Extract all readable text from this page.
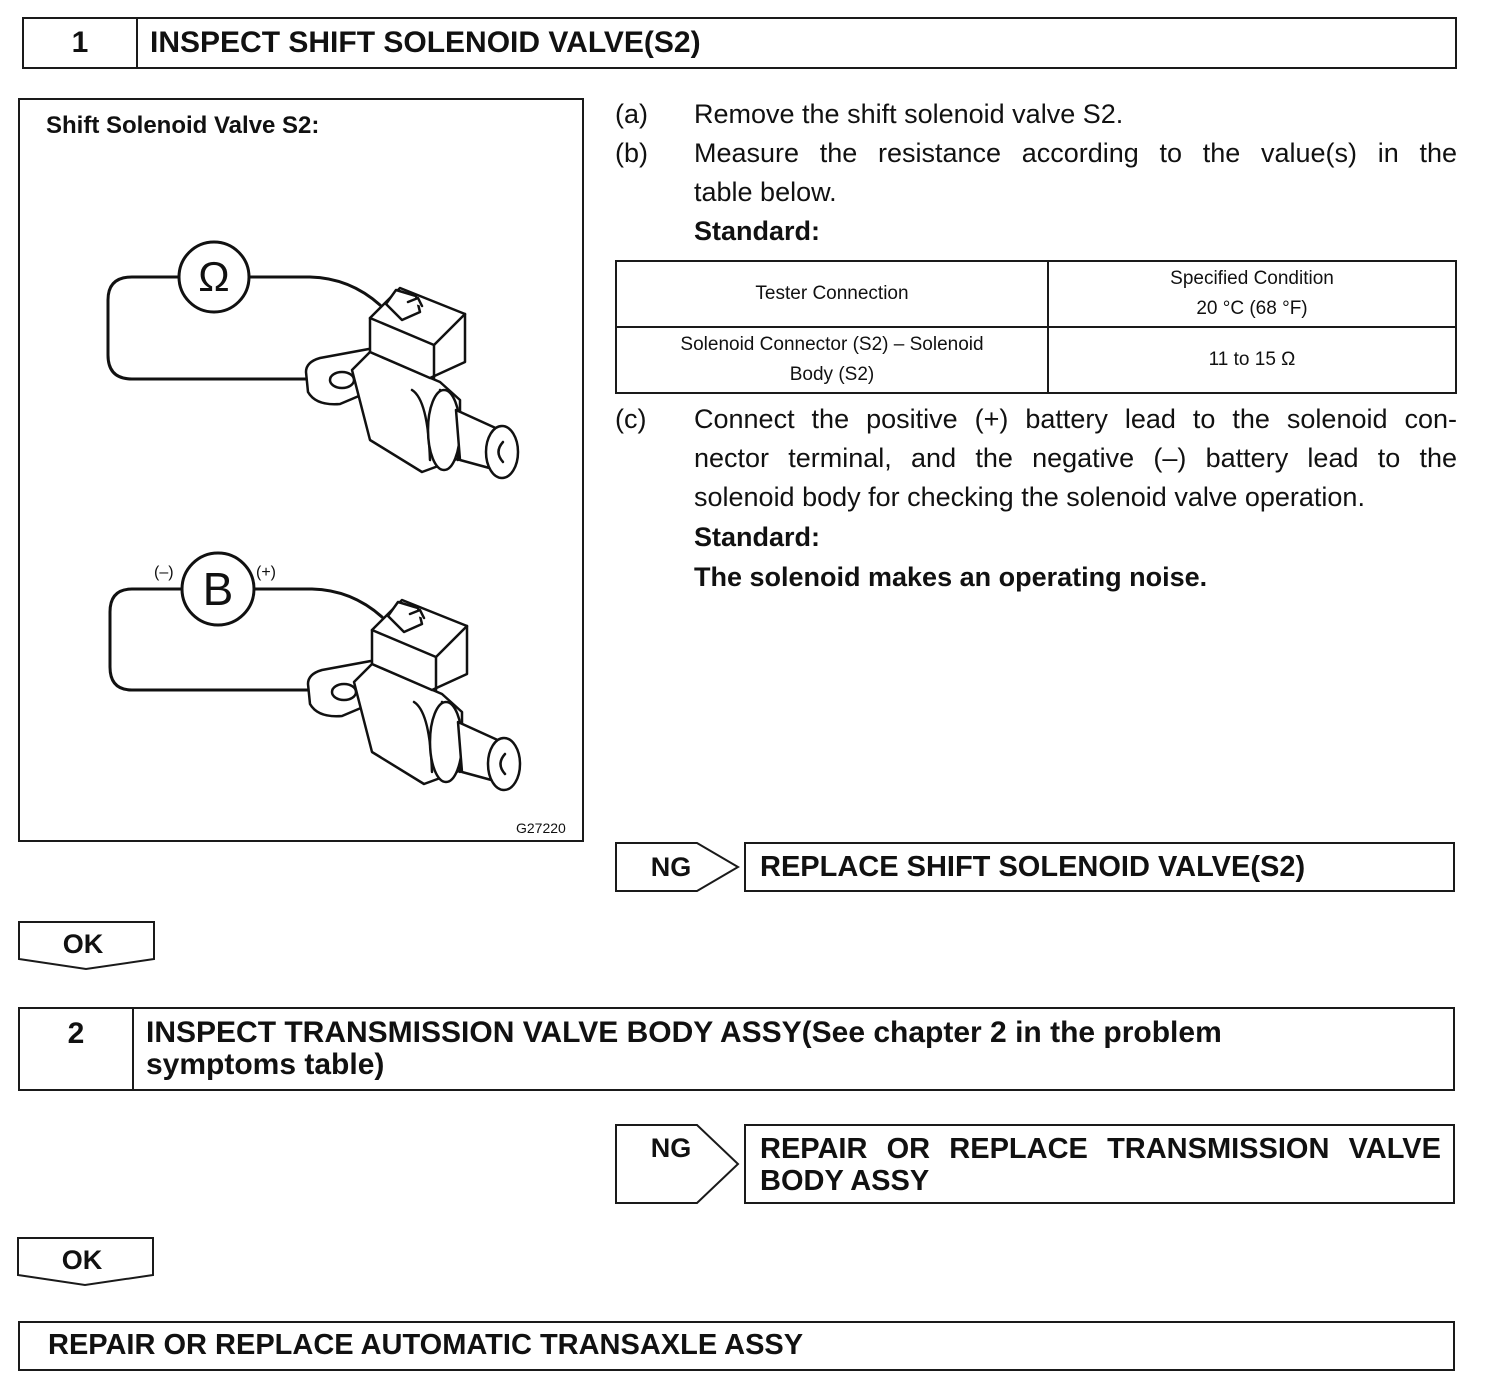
1	INSPECT SHIFT SOLENOID VALVE(S2)
Shift Solenoid Valve S2:
Ω
B
(–)	(+)
G27220
(a) Remove the shift solenoid valve S2.
(b) Measure the resistance according to the value(s) in the
table below.
Standard:
Tester Connection	Specified Condition
20 °C (68 °F)

Solenoid Connector (S2) – Solenoid
Body (S2)	11 to 15 Ω
(c) Connect the positive (+) battery lead to the solenoid con-
nector terminal, and the negative (–) battery lead to the
solenoid body for checking the solenoid valve operation.
Standard:
The solenoid makes an operating noise.
NG	REPLACE SHIFT SOLENOID VALVE(S2)
OK
2	INSPECT TRANSMISSION VALVE BODY ASSY(See chapter 2 in the problem
symptoms table)
NG	REPAIR OR REPLACE TRANSMISSION VALVE
BODY ASSY
OK
REPAIR OR REPLACE AUTOMATIC TRANSAXLE ASSY
